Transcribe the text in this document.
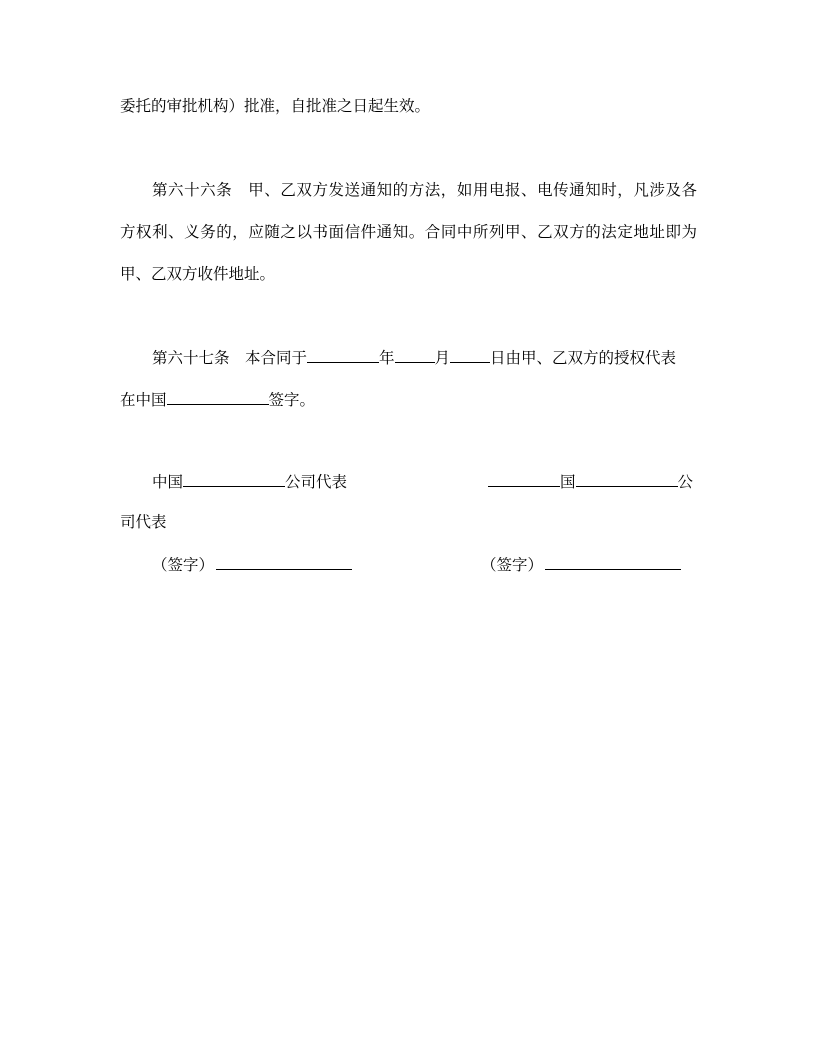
委托的审批机构）批准，自批准之日起生效。
第六十六条　甲、乙双方发送通知的方法，如用电报、电传通知时，凡涉及各
方权利、义务的，应随之以书面信件通知。合同中所列甲、乙双方的法定地址即为
甲、乙双方收件地址。
第六十七条　本合同于	年	月	日由甲、乙双方的授权代表
在中国	签字。
中国	公司代表	国	公
司代表
（签字）	（签字）
